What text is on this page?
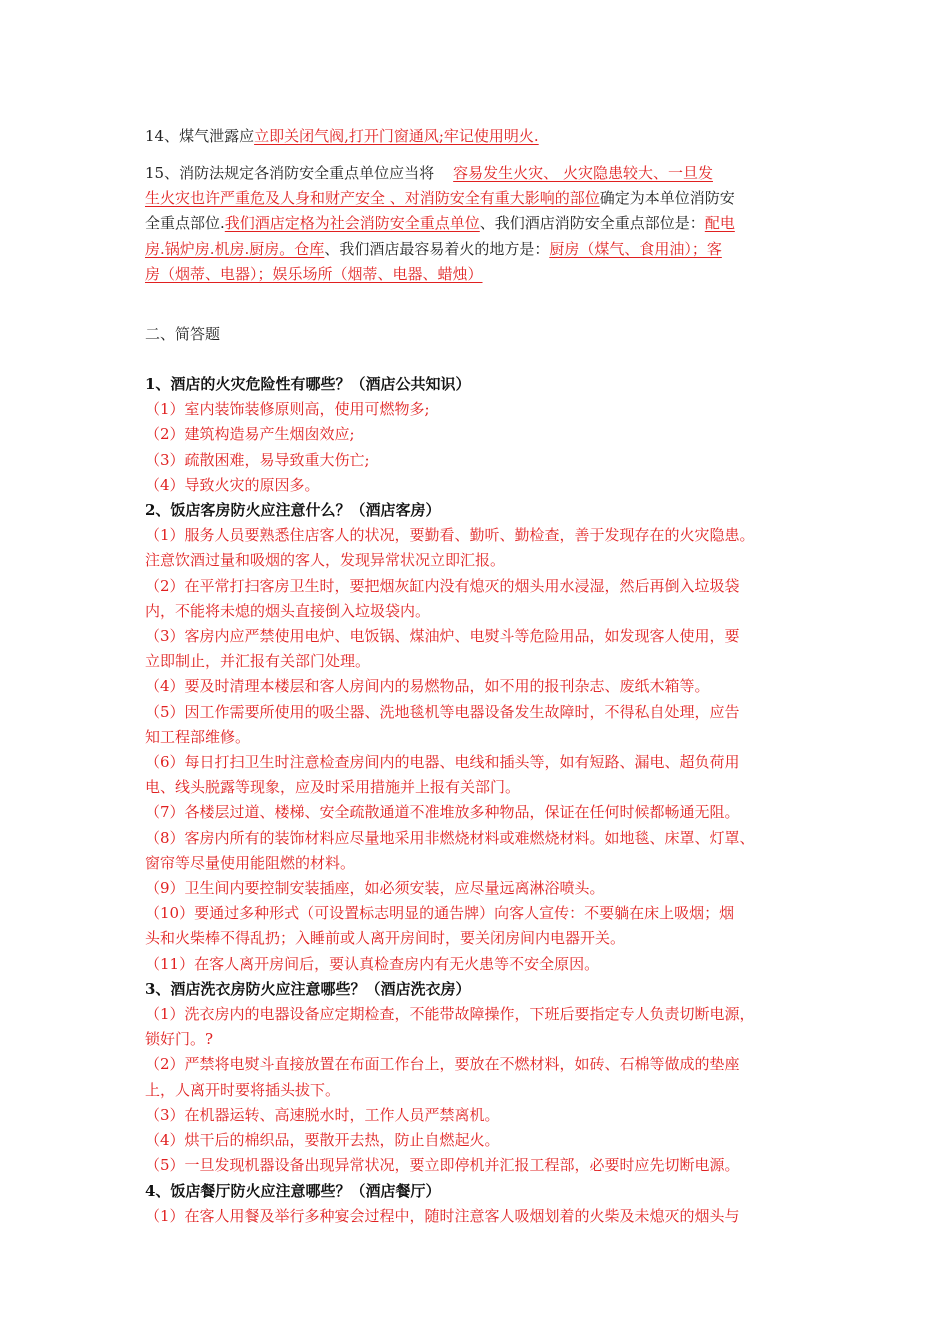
14、煤气泄露应立即关闭气阀,打开门窗通风;牢记使用明火.
15、消防法规定各消防安全重点单位应当将 容易发生火灾、 火灾隐患较大、一旦发
生火灾也许严重危及人身和财产安全 、对消防安全有重大影响的部位确定为本单位消防安
全重点部位.我们酒店定格为社会消防安全重点单位、我们酒店消防安全重点部位是：配电
房.锅炉房.机房.厨房。仓库、我们酒店最容易着火的地方是：厨房（煤气、食用油）；客
房（烟蒂、电器）；娱乐场所（烟蒂、电器、蜡烛）
二、简答题
1、酒店的火灾危险性有哪些？（酒店公共知识）
（1）室内装饰装修原则高，使用可燃物多;
（2）建筑构造易产生烟囱效应;
（3）疏散困难，易导致重大伤亡;
（4）导致火灾的原因多。
2、饭店客房防火应注意什么？（酒店客房）
（1）服务人员要熟悉住店客人的状况，要勤看、勤听、勤检查，善于发现存在的火灾隐患。
注意饮酒过量和吸烟的客人，发现异常状况立即汇报。
（2）在平常打扫客房卫生时，要把烟灰缸内没有熄灭的烟头用水浸湿，然后再倒入垃圾袋
内，不能将未熄的烟头直接倒入垃圾袋内。
（3）客房内应严禁使用电炉、电饭锅、煤油炉、电熨斗等危险用品，如发现客人使用，要
立即制止，并汇报有关部门处理。
（4）要及时清理本楼层和客人房间内的易燃物品，如不用的报刊杂志、废纸木箱等。
（5）因工作需要所使用的吸尘器、洗地毯机等电器设备发生故障时，不得私自处理，应告
知工程部维修。
（6）每日打扫卫生时注意检查房间内的电器、电线和插头等，如有短路、漏电、超负荷用
电、线头脱露等现象，应及时采用措施并上报有关部门。
（7）各楼层过道、楼梯、安全疏散通道不准堆放多种物品，保证在任何时候都畅通无阻。
（8）客房内所有的装饰材料应尽量地采用非燃烧材料或难燃烧材料。如地毯、床罩、灯罩、
窗帘等尽量使用能阻燃的材料。
（9）卫生间内要控制安装插座，如必须安装，应尽量远离淋浴喷头。
（10）要通过多种形式（可设置标志明显的通告牌）向客人宣传：不要躺在床上吸烟；烟
头和火柴棒不得乱扔；入睡前或人离开房间时，要关闭房间内电器开关。
（11）在客人离开房间后，要认真检查房内有无火患等不安全原因。
3、酒店洗衣房防火应注意哪些？（酒店洗衣房）
（1）洗衣房内的电器设备应定期检查，不能带故障操作，下班后要指定专人负责切断电源，
锁好门。?
（2）严禁将电熨斗直接放置在布面工作台上，要放在不燃材料，如砖、石棉等做成的垫座
上，人离开时要将插头拔下。
（3）在机器运转、高速脱水时，工作人员严禁离机。
（4）烘干后的棉织品，要散开去热，防止自燃起火。
（5）一旦发现机器设备出现异常状况，要立即停机并汇报工程部，必要时应先切断电源。
4、饭店餐厅防火应注意哪些？（酒店餐厅）
（1）在客人用餐及举行多种宴会过程中，随时注意客人吸烟划着的火柴及未熄灭的烟头与
